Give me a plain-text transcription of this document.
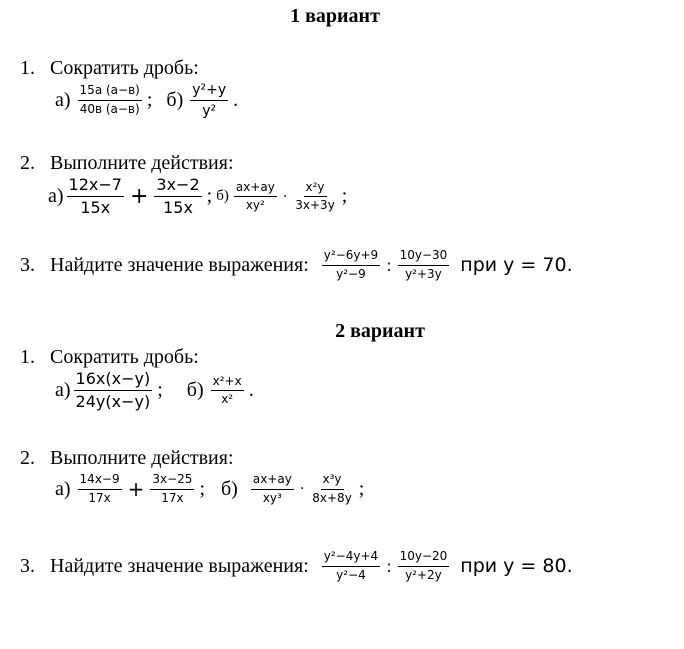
1 вариант
1. Сократить дробь:
$а) \frac{15a (a-в)}{40в (a-в)}$ ; $б) \frac{\text{y²+y}}{\text{y²}}$ .
2. Выполните действия:
$а) \frac{12x-7}{15x} + \frac{3x-2}{15x}$ ; $б) \frac{ax+ay}{\text{xy²}} \cdot \frac{\text{x²y}}{3x+3y}$ ;
3. Найдите значение выражения: $\frac{\text{y²−6y+9}}{\text{y²−9}}$ : $\frac{10y-30}{\text{y²+3y}}$ при y = 70.
2 вариант
1. Сократить дробь:
$а) \frac{16x(x-y)}{24y(x-y)}$ ; $б) \frac{\text{x²+x}}{\text{x²}}$ .
2. Выполните действия:
$а) \frac{14x-9}{17x} + \frac{3x-25}{17x}$ ; $б) \frac{ax+ay}{\text{xy³}} \cdot \frac{\text{x³y}}{8x+8y}$ ;
3. Найдите значение выражения: $\frac{\text{y²−4y+4}}{\text{y²−4}}$ : $\frac{10y-20}{\text{y²+2y}}$ при y = 80.
